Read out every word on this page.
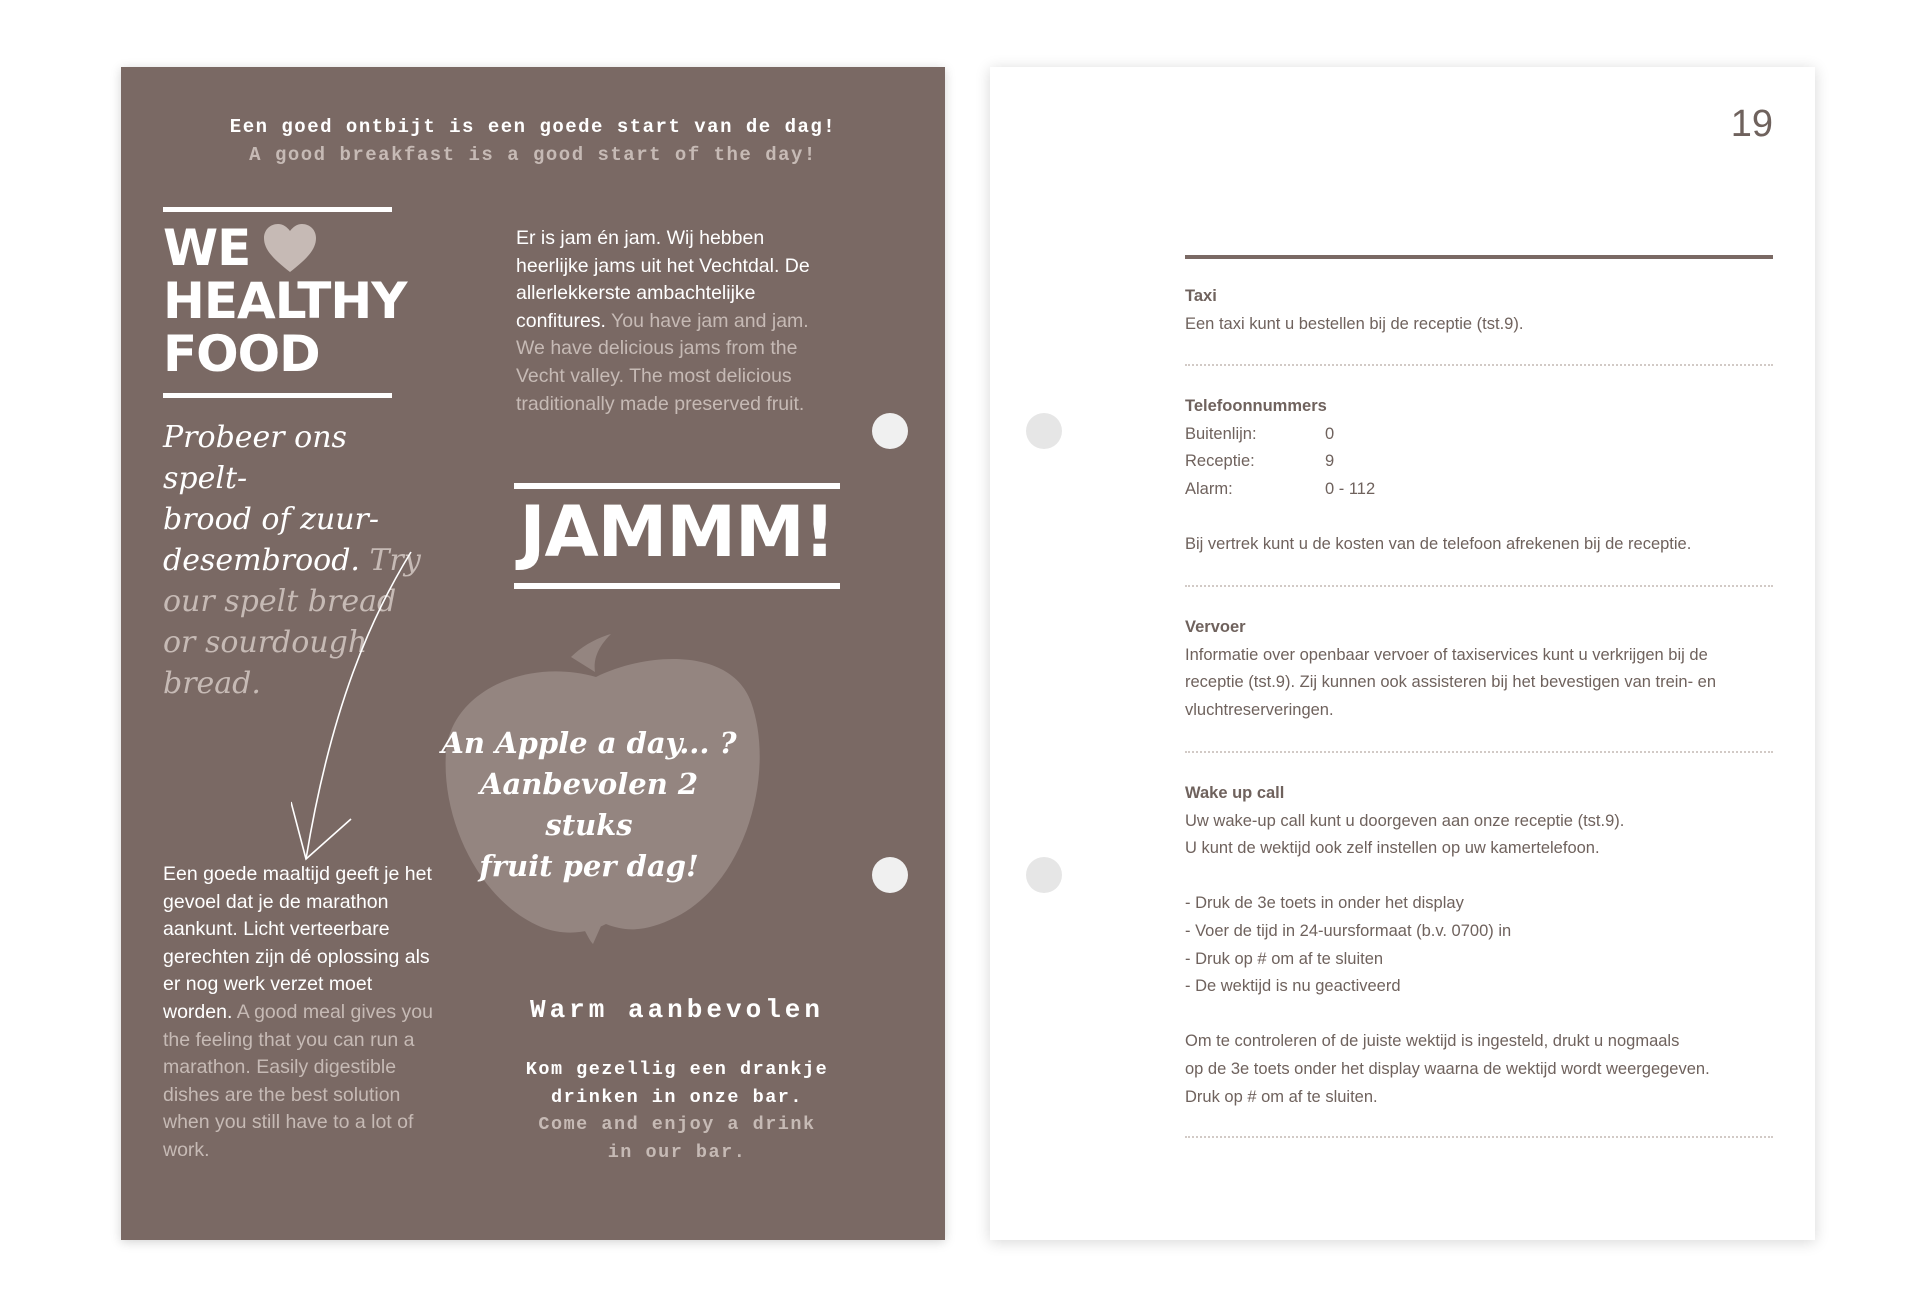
Een goed ontbijt is een goede start van de dag!
A good breakfast is a good start of the day!
WE
HEALTHY
FOOD
Probeer ons spelt-
brood of zuur-
desembrood. Try
our spelt bread
or sourdough
bread.
Er is jam én jam. Wij hebben heerlijke jams uit het Vechtdal. De allerlekkerste ambachtelijke confitures. You have jam and jam. We have delicious jams from the Vecht valley. The most delicious traditionally made preserved fruit.
JAMMM!
An Apple a day... ?
Aanbevolen 2 stuks
fruit per dag!
Een goede maaltijd geeft je het gevoel dat je de marathon aankunt. Licht verteerbare gerechten zijn dé oplossing als er nog werk verzet moet worden. A good meal gives you the feeling that you can run a marathon. Easily digestible dishes are the best solution when you still have to a lot of work.
Warm aanbevolen
Kom gezellig een drankje
drinken in onze bar.
Come and enjoy a drink
in our bar.
19
Taxi
Een taxi kunt u bestellen bij de receptie (tst.9).
Telefoonnummers
Buitenlijn:	0
Receptie:	9
Alarm:	0 - 112
Bij vertrek kunt u de kosten van de telefoon afrekenen bij de receptie.
Vervoer
Informatie over openbaar vervoer of taxiservices kunt u verkrijgen bij de
receptie (tst.9). Zij kunnen ook assisteren bij het bevestigen van trein- en
vluchtreserveringen.
Wake up call
Uw wake-up call kunt u doorgeven aan onze receptie (tst.9).
U kunt de wektijd ook zelf instellen op uw kamertelefoon.
- Druk de 3e toets in onder het display
- Voer de tijd in 24-uursformaat (b.v. 0700) in
- Druk op # om af te sluiten
- De wektijd is nu geactiveerd
Om te controleren of de juiste wektijd is ingesteld, drukt u nogmaals
op de 3e toets onder het display waarna de wektijd wordt weergegeven.
Druk op # om af te sluiten.
